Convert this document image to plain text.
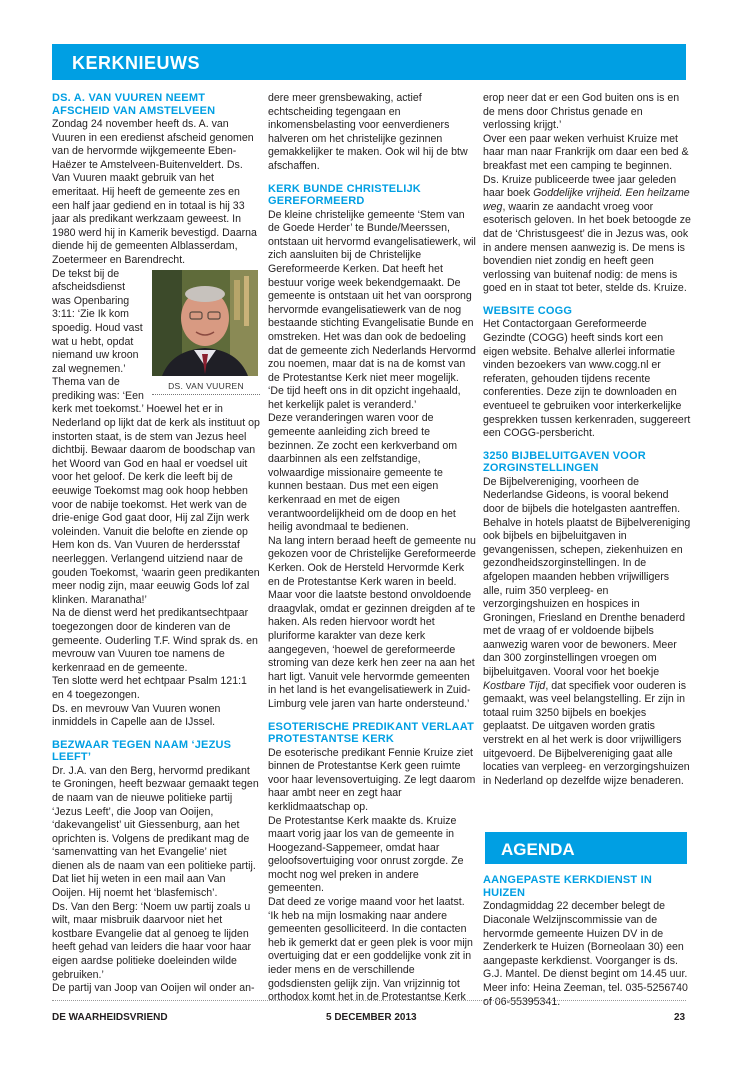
KERKNIEUWS
DS. A. VAN VUUREN NEEMT AFSCHEID VAN AMSTELVEEN

Zondag 24 november heeft ds. A. van Vuuren in een eredienst afscheid genomen van de hervormde wijkgemeente Eben-Haëzer te Amstelveen-Buitenveldert. Ds. Van Vuuren maakt gebruik van het emeritaat. Hij heeft de gemeente zes en een half jaar gediend en in totaal is hij 33 jaar als predikant werkzaam geweest. In 1980 werd hij in Kamerik bevestigd. Daarna diende hij de gemeenten Alblasserdam, Zoetermeer en Barendrecht.

DS. VAN VUUREN

De tekst bij de afscheidsdienst was Openbaring 3:11: ‘Zie Ik kom spoedig. Houd vast wat u hebt, opdat niemand uw kroon zal wegnemen.’

Thema van de prediking was: ‘Een kerk met toekomst.’ Hoewel het er in Nederland op lijkt dat de kerk als instituut op instorten staat, is de stem van Jezus heel dichtbij. Bewaar daarom de boodschap van het Woord van God en haal er voedsel uit voor het geloof. De kerk die leeft bij de eeuwige Toekomst mag ook hoop hebben voor de nabije toekomst. Het werk van de drie-enige God gaat door, Hij zal Zijn werk voleinden. Vanuit die belofte en ziende op Hem kon ds. Van Vuuren de herdersstaf neerleggen. Verlangend uitziend naar de gouden Toekomst, ‘waarin geen predikanten meer nodig zijn, maar eeuwig Gods lof zal klinken. Maranatha!’

Na de dienst werd het predikantsechtpaar toegezongen door de kinderen van de gemeente. Ouderling T.F. Wind sprak ds. en mevrouw van Vuuren toe namens de kerkenraad en de gemeente.

Ten slotte werd het echtpaar Psalm 121:1 en 4 toegezongen.

Ds. en mevrouw Van Vuuren wonen inmiddels in Capelle aan de IJssel.

BEZWAAR TEGEN NAAM ‘JEZUS LEEFT’

Dr. J.A. van den Berg, hervormd predikant te Groningen, heeft bezwaar gemaakt tegen de naam van de nieuwe politieke partij ‘Jezus Leeft’, die Joop van Ooijen, ‘dakevangelist’ uit Giessenburg, aan het oprichten is. Volgens de predikant mag de ‘samenvatting van het Evangelie’ niet dienen als de naam van een politieke partij. Dat liet hij weten in een mail aan Van Ooijen. Hij noemt het ‘blasfemisch’.

Ds. Van den Berg: ‘Noem uw partij zoals u wilt, maar misbruik daarvoor niet het kostbare Evangelie dat al genoeg te lijden heeft gehad van leiders die haar voor haar eigen aardse politieke doeleinden wilde gebruiken.’

De partij van Joop van Ooijen wil onder an-

dere meer grensbewaking, actief echtscheiding tegengaan en inkomensbelasting voor eenverdieners halveren om het christelijke gezinnen gemakkelijker te maken. Ook wil hij de btw afschaffen.

KERK BUNDE CHRISTELIJK GEREFORMEERD

De kleine christelijke gemeente ‘Stem van de Goede Herder’ te Bunde/Meerssen, ontstaan uit hervormd evangelisatiewerk, wil zich aansluiten bij de Christelijke Gereformeerde Kerken. Dat heeft het bestuur vorige week bekendgemaakt. De gemeente is ontstaan uit het van oorsprong hervormde evangelisatiewerk van de nog bestaande stichting Evangelisatie Bunde en omstreken. Het was dan ook de bedoeling dat de gemeente zich Nederlands Hervormd zou noemen, maar dat is na de komst van de Protestantse Kerk niet meer mogelijk. ‘De tijd heeft ons in dit opzicht ingehaald, het kerkelijk palet is veranderd.’

Deze veranderingen waren voor de gemeente aanleiding zich breed te bezinnen. Ze zocht een kerkverband om daarbinnen als een zelfstandige, volwaardige missionaire gemeente te kunnen bestaan. Dus met een eigen kerkenraad en met de eigen verantwoordelijkheid om de doop en het heilig avondmaal te bedienen.

Na lang intern beraad heeft de gemeente nu gekozen voor de Christelijke Gereformeerde Kerken. Ook de Hersteld Hervormde Kerk en de Protestantse Kerk waren in beeld. Maar voor die laatste bestond onvoldoende draagvlak, omdat er gezinnen dreigden af te haken. Als reden hiervoor wordt het pluriforme karakter van deze kerk aangegeven, ‘hoewel de gereformeerde stroming van deze kerk hen zeer na aan het hart ligt. Vanuit vele hervormde gemeenten in het land is het evangelisatiewerk in Zuid-Limburg vele jaren van harte ondersteund.’

ESOTERISCHE PREDIKANT VERLAAT PROTESTANTSE KERK

De esoterische predikant Fennie Kruize ziet binnen de Protestantse Kerk geen ruimte voor haar levensovertuiging. Ze legt daarom haar ambt neer en zegt haar kerklidmaatschap op.

De Protestantse Kerk maakte ds. Kruize maart vorig jaar los van de gemeente in Hoogezand-Sappemeer, omdat haar geloofsovertuiging voor onrust zorgde. Ze mocht nog wel preken in andere gemeenten.

Dat deed ze vorige maand voor het laatst. ‘Ik heb na mijn losmaking naar andere gemeenten gesolliciteerd. In die contacten heb ik gemerkt dat er geen plek is voor mijn overtuiging dat er een goddelijke vonk zit in ieder mens en de verschillende godsdiensten gelijk zijn. Van vrijzinnig tot orthodox komt het in de Protestantse Kerk

erop neer dat er een God buiten ons is en de mens door Christus genade en verlossing krijgt.’

Over een paar weken verhuist Kruize met haar man naar Frankrijk om daar een bed & breakfast met een camping te beginnen.

Ds. Kruize publiceerde twee jaar geleden haar boek Goddelijke vrijheid. Een heilzame weg, waarin ze aandacht vroeg voor esoterisch geloven. In het boek betoogde ze dat de ‘Christusgeest’ die in Jezus was, ook in andere mensen aanwezig is. De mens is bovendien niet zondig en heeft geen verlossing van buitenaf nodig: de mens is goed en in staat tot beter, stelde ds. Kruize.

WEBSITE COGG

Het Contactorgaan Gereformeerde Gezindte (COGG) heeft sinds kort een eigen website. Behalve allerlei informatie vinden bezoekers van www.cogg.nl er referaten, gehouden tijdens recente conferenties. Deze zijn te downloaden en eventueel te gebruiken voor interkerkelijke gesprekken tussen kerkenraden, suggereert een COGG-persbericht.

3250 BIJBELUITGAVEN VOOR ZORGINSTELLINGEN

De Bijbelvereniging, voorheen de Nederlandse Gideons, is vooral bekend door de bijbels die hotelgasten aantreffen. Behalve in hotels plaatst de Bijbelvereniging ook bijbels en bijbeluitgaven in gevangenissen, schepen, ziekenhuizen en gezondheidszorginstellingen. In de afgelopen maanden hebben vrijwilligers alle, ruim 350 verpleeg- en verzorgingshuizen en hospices in Groningen, Friesland en Drenthe benaderd met de vraag of er voldoende bijbels aanwezig waren voor de bewoners. Meer dan 300 zorginstellingen vroegen om bijbeluitgaven. Vooral voor het boekje Kostbare Tijd, dat specifiek voor ouderen is gemaakt, was veel belangstelling. Er zijn in totaal ruim 3250 bijbels en boekjes geplaatst. De uitgaven worden gratis verstrekt en al het werk is door vrijwilligers uitgevoerd. De Bijbelvereniging gaat alle locaties van verpleeg- en verzorgingshuizen in Nederland op dezelfde wijze benaderen.

AGENDA
AANGEPASTE KERKDIENST IN HUIZEN

Zondagmiddag 22 december belegt de Diaconale Welzijnscommissie van de hervormde gemeente Huizen DV in de Zenderkerk te Huizen (Borneolaan 30) een aangepaste kerkdienst. Voorganger is ds. G.J. Mantel. De dienst begint om 14.45 uur. Meer info: Heina Zeeman, tel. 035-5256740 of 06-55395341.

DE WAARHEIDSVRIEND	5 DECEMBER 2013	23
